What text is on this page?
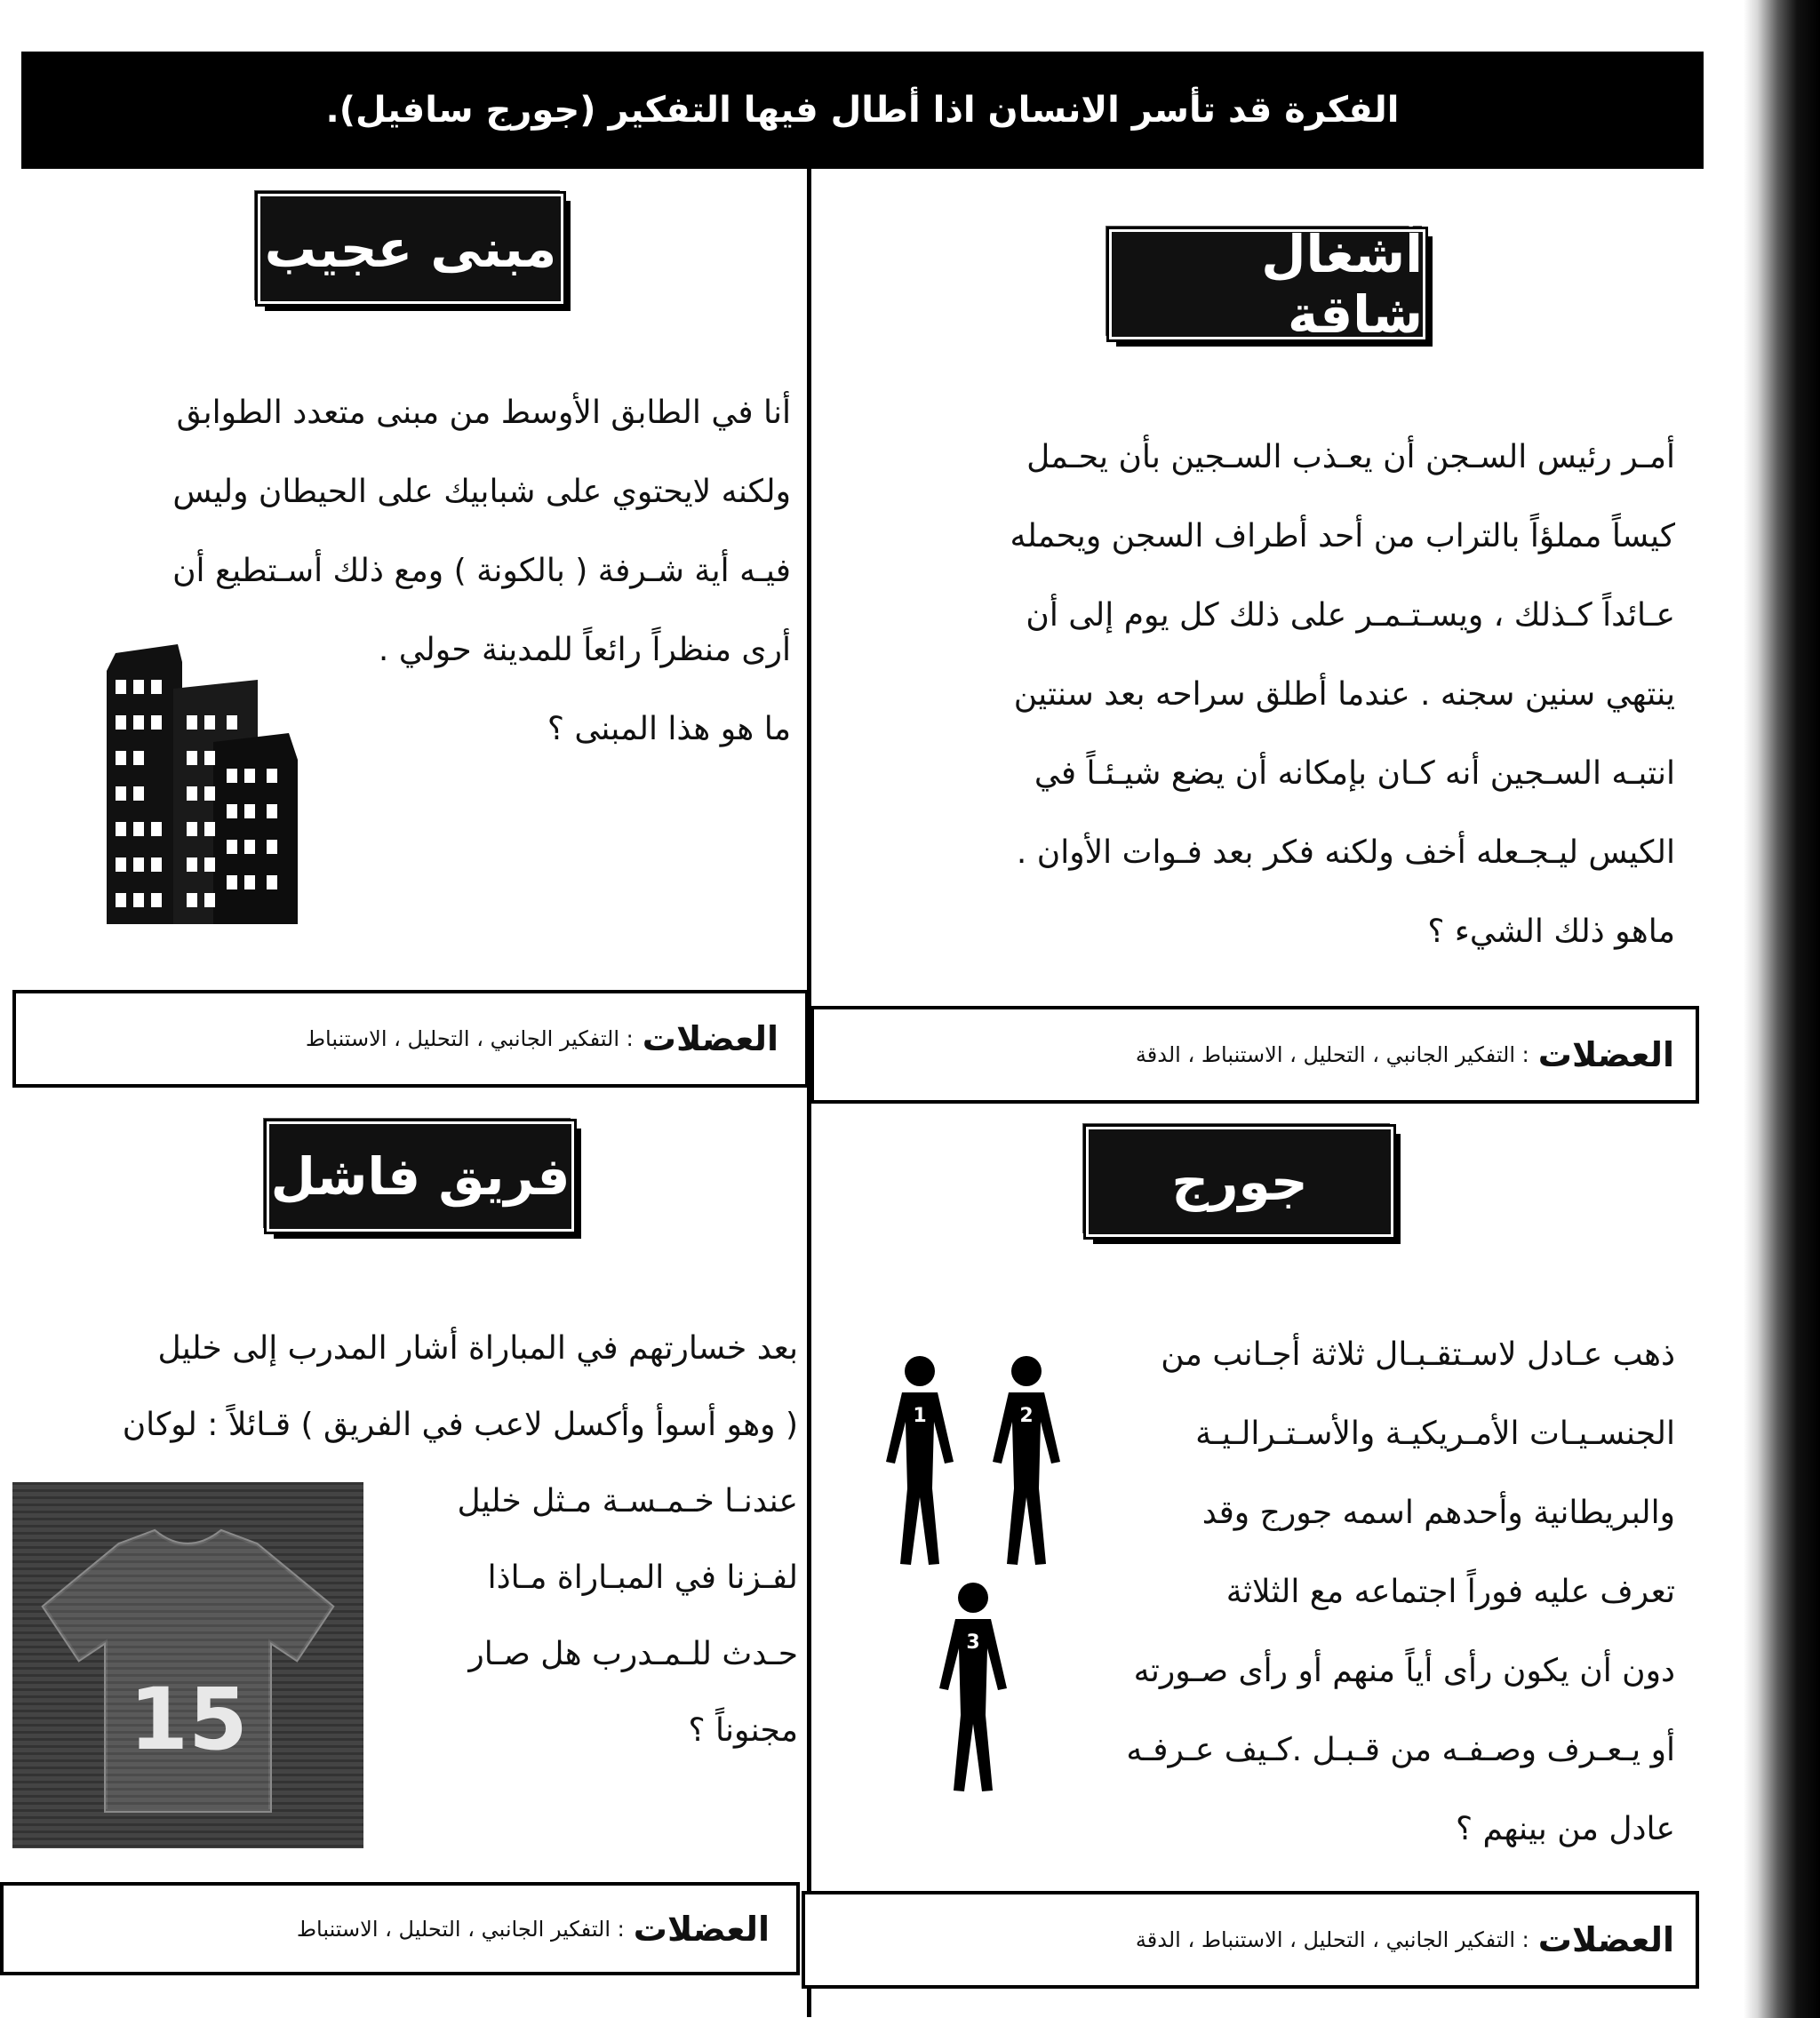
الفكرة قد تأسر الانسان اذا أطال فيها التفكير (جورج سافيل).
أشغال شاقة

أمـر رئيس السـجن أن يعـذب السـجين بأن يحـمل

كيساً مملؤاً بالتراب من أحد أطراف السجن ويحمله

عـائداً كـذلك ، ويسـتـمـر على ذلك كل يوم إلى أن

ينتهي سنين سجنه . عندما أطلق سراحه بعد سنتين

انتبـه السـجين أنه كـان بإمكانه أن يضع شيـئـاً في

الكيس ليـجـعله أخف ولكنه فكر بعد فـوات الأوان .

ماهو ذلك الشيء ؟

العضلات
: التفكير الجانبي ، التحليل ، الاستنباط ، الدقة
مبنى عجيب

أنا في الطابق الأوسط من مبنى متعدد الطوابق

ولكنه لايحتوي على شبابيك على الحيطان وليس

فيـه أية شـرفة ( بالكونة ) ومع ذلك أسـتطيع أن

أرى منظراً رائعاً للمدينة حولي .

ما هو هذا المبنى ؟

العضلات
: التفكير الجانبي ، التحليل ، الاستنباط
جورج

ذهب عـادل لاسـتقـبـال ثلاثة أجـانب من

الجنسـيـات الأمـريكيـة والأسـتـرالـيـة

والبريطانية وأحدهم اسمه جورج وقد

تعرف عليه فوراً اجتماعه مع الثلاثة

دون أن يكون رأى أياً منهم أو رأى صـورته

أو يـعـرف وصـفـه من قـبـل .كـيف عـرفـه

عادل من بينهم ؟

1	2
3
العضلات
: التفكير الجانبي ، التحليل ، الاستنباط ، الدقة
فريق فاشل

بعد خسارتهم في المباراة أشار المدرب إلى خليل

( وهو أسوأ وأكسل لاعب في الفريق ) قـائلاً : لوكان

عندنـا خـمـسـة مـثل خليل

لفـزنا في المبـاراة مـاذا

حـدث للـمـدرب هل صـار

مجنوناً ؟

15
العضلات
: التفكير الجانبي ، التحليل ، الاستنباط
